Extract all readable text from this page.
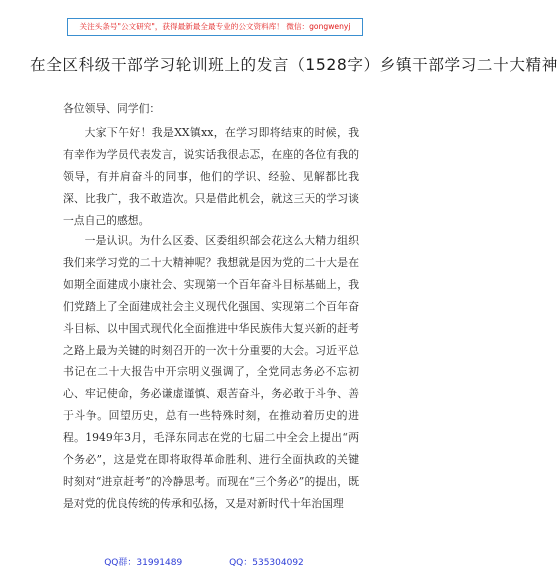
关注头条号"公文研究"，获得最新最全最专业的公文资料库！ 微信：gongwenyj
在全区科级干部学习轮训班上的发言（1528字）乡镇干部学习二十大精神
各位领导、同学们：
大家下午好！我是XX镇xx，在学习即将结束的时候，我有幸作为学员代表发言，说实话我很忐忑，在座的各位有我的领导，有并肩奋斗的同事，他们的学识、经验、见解都比我深、比我广，我不敢造次。只是借此机会，就这三天的学习谈一点自己的感想。
一是认识。为什么区委、区委组织部会花这么大精力组织我们来学习党的二十大精神呢？我想就是因为党的二十大是在如期全面建成小康社会、实现第一个百年奋斗目标基础上，我们党踏上了全面建成社会主义现代化强国、实现第二个百年奋斗目标、以中国式现代化全面推进中华民族伟大复兴新的赶考之路上最为关键的时刻召开的一次十分重要的大会。习近平总书记在二十大报告中开宗明义强调了，全党同志务必不忘初心、牢记使命，务必谦虚谨慎、艰苦奋斗，务必敢于斗争、善于斗争。回望历史，总有一些特殊时刻，在推动着历史的进程。1949年3月，毛泽东同志在党的七届二中全会上提出“两个务必”，这是党在即将取得革命胜利、进行全面执政的关键时刻对“进京赶考”的冷静思考。而现在“三个务必”的提出，既是对党的优良传统的传承和弘扬，又是对新时代十年治国理
QQ群：31991489	QQ：535304092
